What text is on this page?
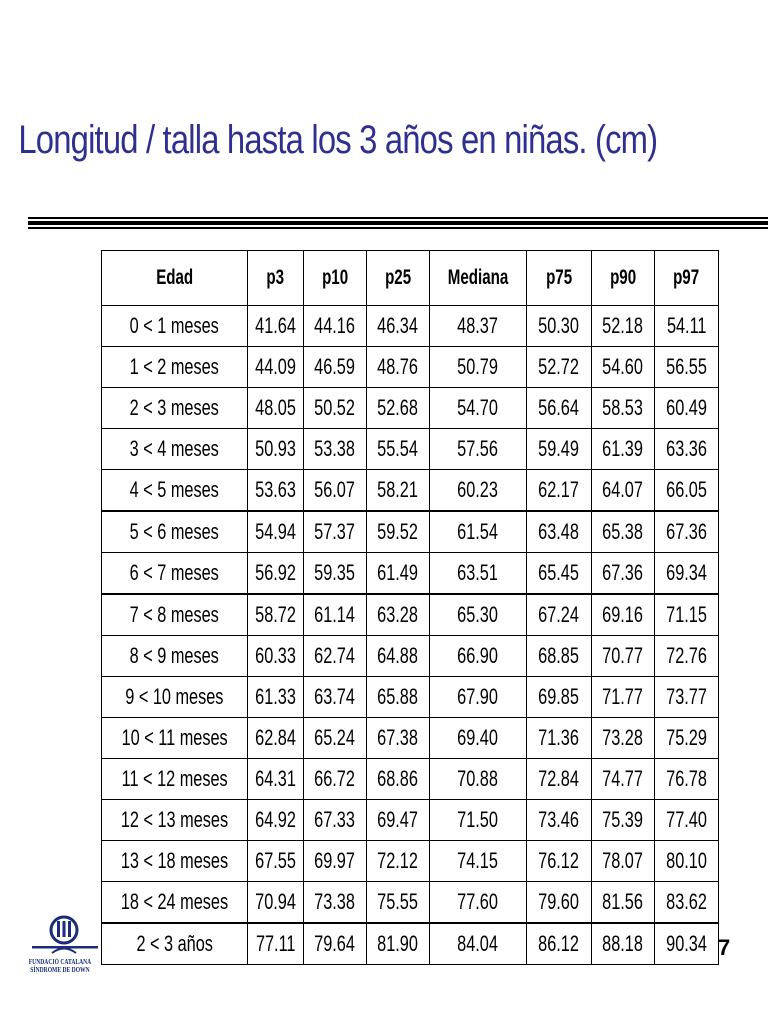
Longitud / talla hasta los 3 años en niñas. (cm)
Edad	p3	p10	p25	Mediana	p75	p90	p97
0 < 1 meses	41.64	44.16	46.34	48.37	50.30	52.18	54.11
1 < 2 meses	44.09	46.59	48.76	50.79	52.72	54.60	56.55
2 < 3 meses	48.05	50.52	52.68	54.70	56.64	58.53	60.49
3 < 4 meses	50.93	53.38	55.54	57.56	59.49	61.39	63.36
4 < 5 meses	53.63	56.07	58.21	60.23	62.17	64.07	66.05
5 < 6 meses	54.94	57.37	59.52	61.54	63.48	65.38	67.36
6 < 7 meses	56.92	59.35	61.49	63.51	65.45	67.36	69.34
7 < 8 meses	58.72	61.14	63.28	65.30	67.24	69.16	71.15
8 < 9 meses	60.33	62.74	64.88	66.90	68.85	70.77	72.76
9 < 10 meses	61.33	63.74	65.88	67.90	69.85	71.77	73.77
10 < 11 meses	62.84	65.24	67.38	69.40	71.36	73.28	75.29
11 < 12 meses	64.31	66.72	68.86	70.88	72.84	74.77	76.78
12 < 13 meses	64.92	67.33	69.47	71.50	73.46	75.39	77.40
13 < 18 meses	67.55	69.97	72.12	74.15	76.12	78.07	80.10
18 < 24 meses	70.94	73.38	75.55	77.60	79.60	81.56	83.62
2 < 3 años	77.11	79.64	81.90	84.04	86.12	88.18	90.34
FUNDACIÓ CATALANA
SÍNDROME DE DOWN
7
